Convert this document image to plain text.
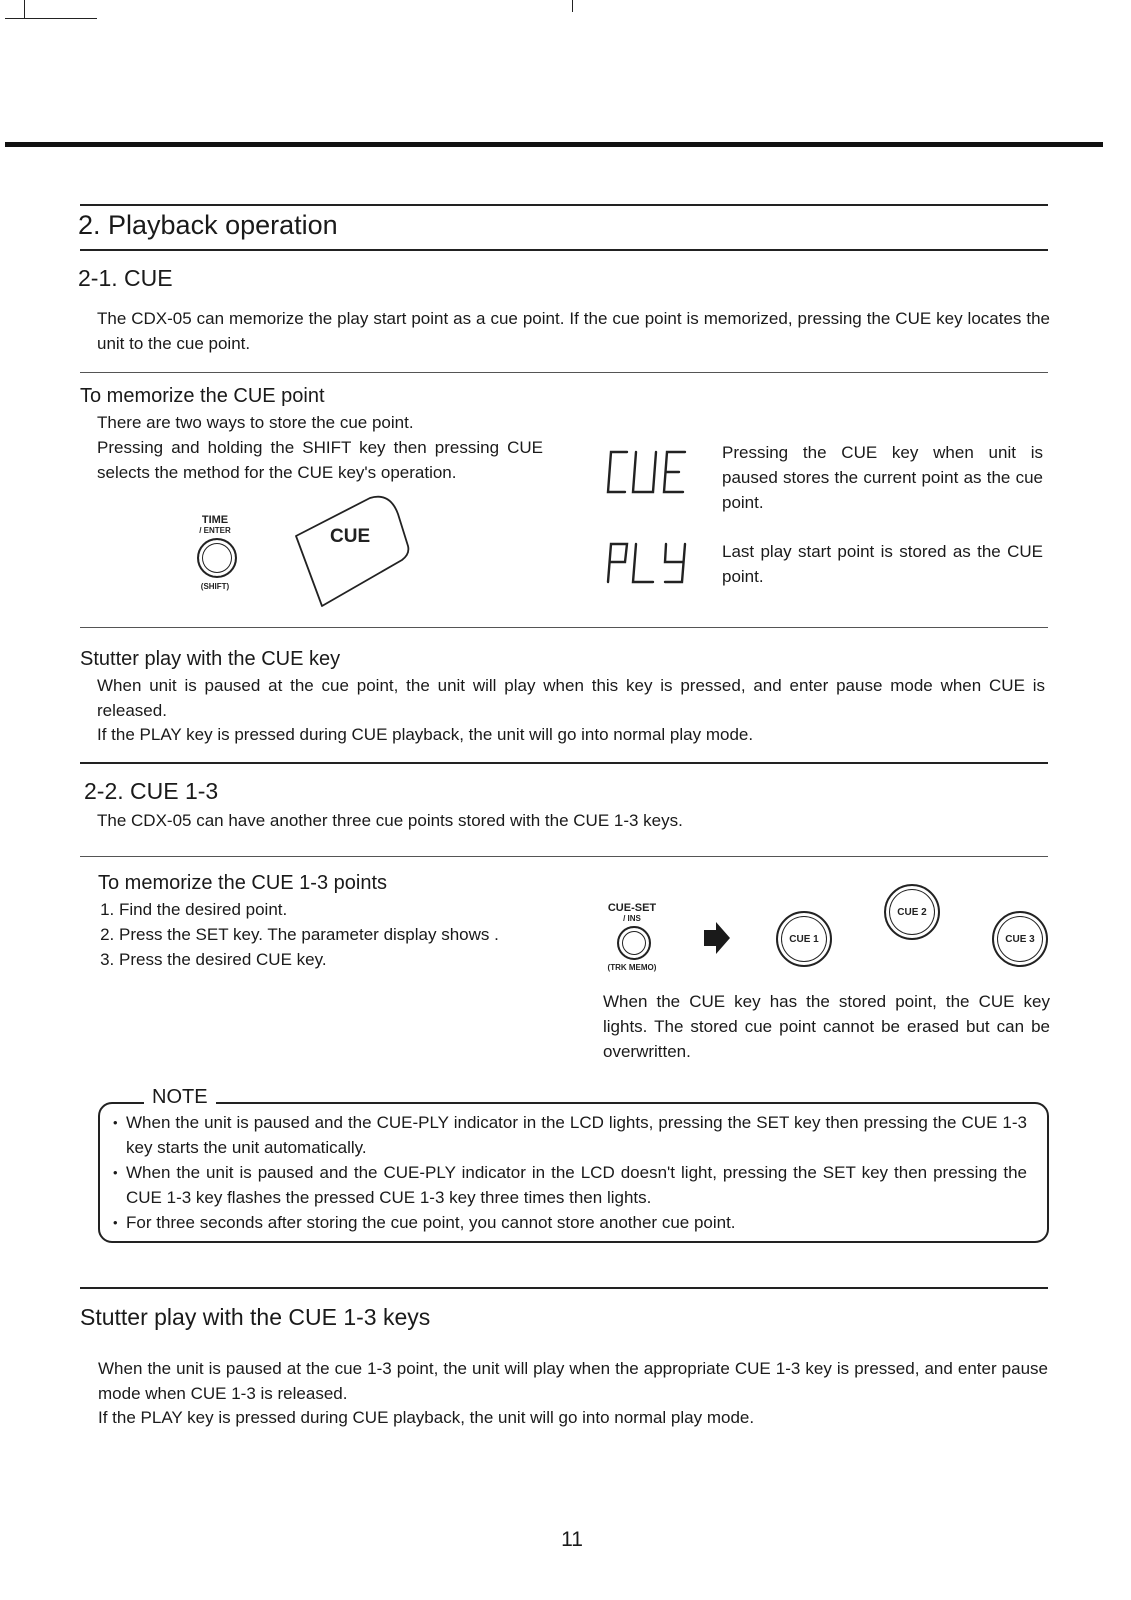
2. Playback operation
2-1. CUE
The CDX-05 can memorize the play start point as a cue point. If the cue point is memorized, pressing the CUE key locates the unit to the cue point.
To memorize the CUE point
There are two ways to store the cue point.
Pressing and holding the SHIFT key then pressing CUE selects the method for the CUE key's operation.
TIME
/ ENTER
(SHIFT)
CUE
Pressing the CUE key when unit is paused stores the current point as the cue point.
Last play start point is stored as the CUE point.
Stutter play with the CUE key
When unit is paused at the cue point, the unit will play when this key is pressed, and enter pause mode when CUE is released.
If the PLAY key is pressed during CUE playback, the unit will go into normal play mode.
2-2. CUE 1-3
The CDX-05 can have another three cue points stored with the CUE 1-3 keys.
To memorize the CUE 1-3 points
1. Find the desired point.
2. Press the SET key. The parameter display shows .
3. Press the desired CUE key.
CUE-SET
/ INS
(TRK MEMO)
CUE 1
CUE 2
CUE 3
When the CUE key has the stored point, the CUE key lights. The stored cue point cannot be erased but can be overwritten.
NOTE
• When the unit is paused and the CUE-PLY indicator in the LCD lights, pressing the SET key then pressing the CUE 1-3 key starts the unit automatically.
• When the unit is paused and the CUE-PLY indicator in the LCD doesn't light, pressing the SET key then pressing the CUE 1-3 key flashes the pressed CUE 1-3 key three times then lights.
• For three seconds after storing the cue point, you cannot store another cue point.
Stutter play with the CUE 1-3 keys
When the unit is paused at the cue 1-3 point, the unit will play when the appropriate CUE 1-3 key is pressed, and enter pause mode when CUE 1-3 is released.
If the PLAY key is pressed during CUE playback, the unit will go into normal play mode.
11
